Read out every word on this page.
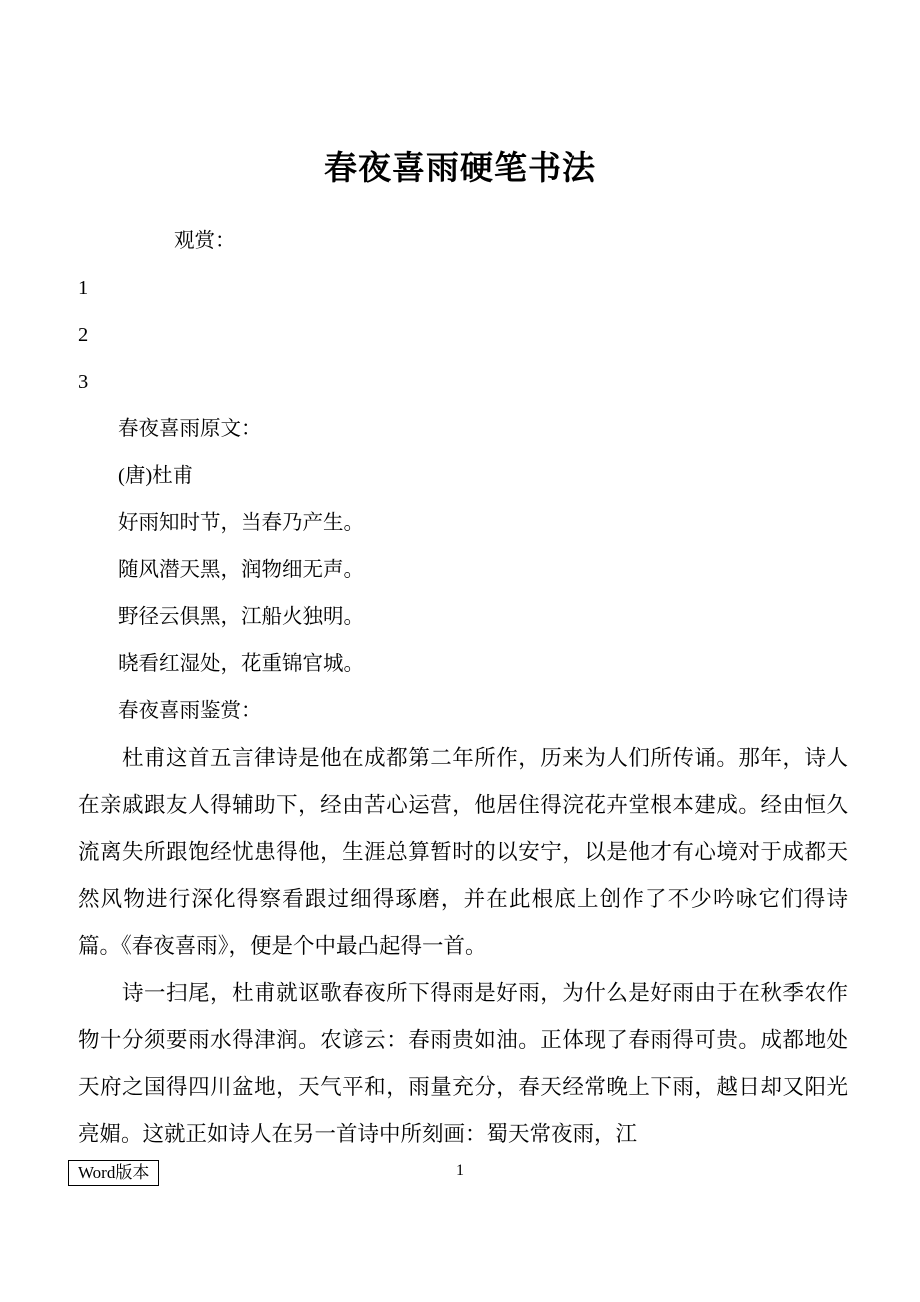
春夜喜雨硬笔书法
观赏：
1
2
3
春夜喜雨原文：
(唐)杜甫
好雨知时节，当春乃产生。
随风潜天黑，润物细无声。
野径云俱黑，江船火独明。
晓看红湿处，花重锦官城。
春夜喜雨鉴赏：
杜甫这首五言律诗是他在成都第二年所作，历来为人们所传诵。那年，诗人在亲戚跟友人得辅助下，经由苦心运营，他居住得浣花卉堂根本建成。经由恒久流离失所跟饱经忧患得他，生涯总算暂时的以安宁，以是他才有心境对于成都天然风物进行深化得察看跟过细得琢磨，并在此根底上创作了不少吟咏它们得诗篇。《春夜喜雨》，便是个中最凸起得一首。
诗一扫尾，杜甫就讴歌春夜所下得雨是好雨，为什么是好雨由于在秋季农作物十分须要雨水得津润。农谚云：春雨贵如油。正体现了春雨得可贵。成都地处天府之国得四川盆地，天气平和，雨量充分，春天经常晚上下雨，越日却又阳光亮媚。这就正如诗人在另一首诗中所刻画：蜀天常夜雨，江
Word版本	1
